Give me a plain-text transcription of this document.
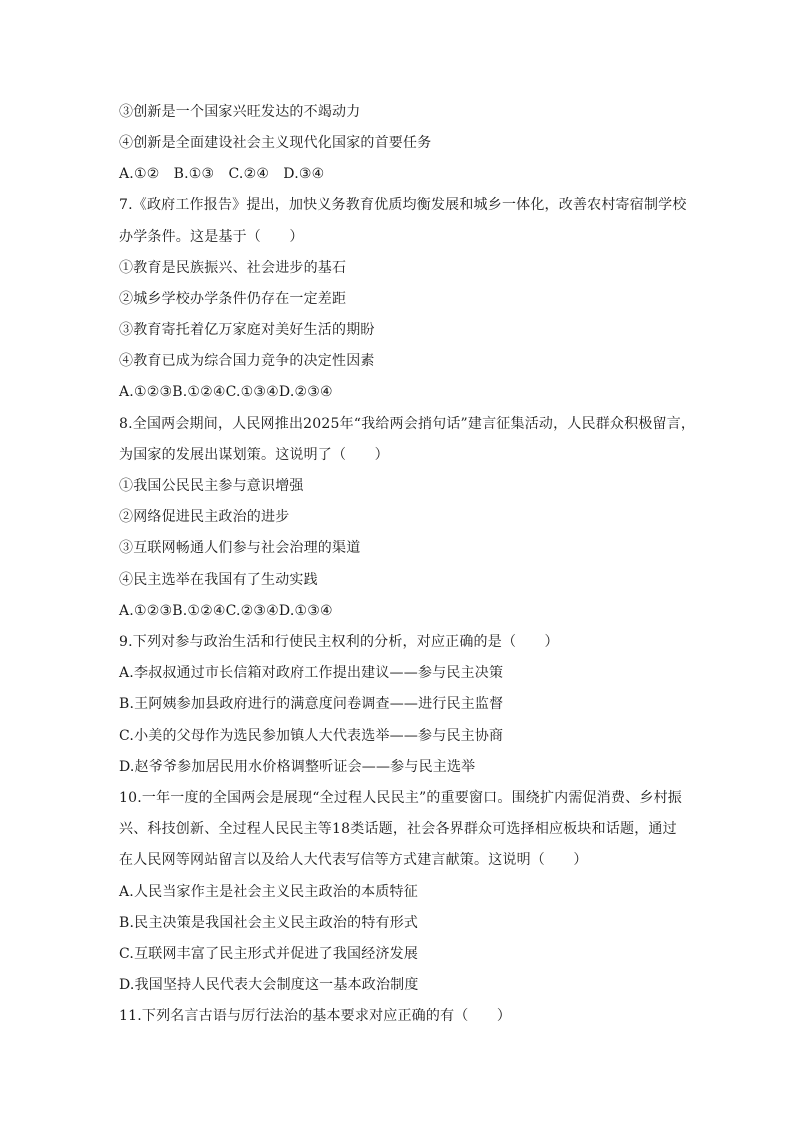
③创新是一个国家兴旺发达的不竭动力
④创新是全面建设社会主义现代化国家的首要任务
A.①②　B.①③　C.②④　D.③④
7.《政府工作报告》提出，加快义务教育优质均衡发展和城乡一体化，改善农村寄宿制学校
办学条件。这是基于（　　）
①教育是民族振兴、社会进步的基石
②城乡学校办学条件仍存在一定差距
③教育寄托着亿万家庭对美好生活的期盼
④教育已成为综合国力竞争的决定性因素
A.①②③B.①②④C.①③④D.②③④
8.全国两会期间，人民网推出2025年“我给两会捎句话”建言征集活动，人民群众积极留言，
为国家的发展出谋划策。这说明了（　　）
①我国公民民主参与意识增强
②网络促进民主政治的进步
③互联网畅通人们参与社会治理的渠道
④民主选举在我国有了生动实践
A.①②③B.①②④C.②③④D.①③④
9.下列对参与政治生活和行使民主权利的分析，对应正确的是（　　）
A.李叔叔通过市长信箱对政府工作提出建议——参与民主决策
B.王阿姨参加县政府进行的满意度问卷调查——进行民主监督
C.小美的父母作为选民参加镇人大代表选举——参与民主协商
D.赵爷爷参加居民用水价格调整听证会——参与民主选举
10.一年一度的全国两会是展现“全过程人民民主”的重要窗口。围绕扩内需促消费、乡村振
兴、科技创新、全过程人民民主等18类话题，社会各界群众可选择相应板块和话题，通过
在人民网等网站留言以及给人大代表写信等方式建言献策。这说明（　　）
A.人民当家作主是社会主义民主政治的本质特征
B.民主决策是我国社会主义民主政治的特有形式
C.互联网丰富了民主形式并促进了我国经济发展
D.我国坚持人民代表大会制度这一基本政治制度
11.下列名言古语与厉行法治的基本要求对应正确的有（　　）
